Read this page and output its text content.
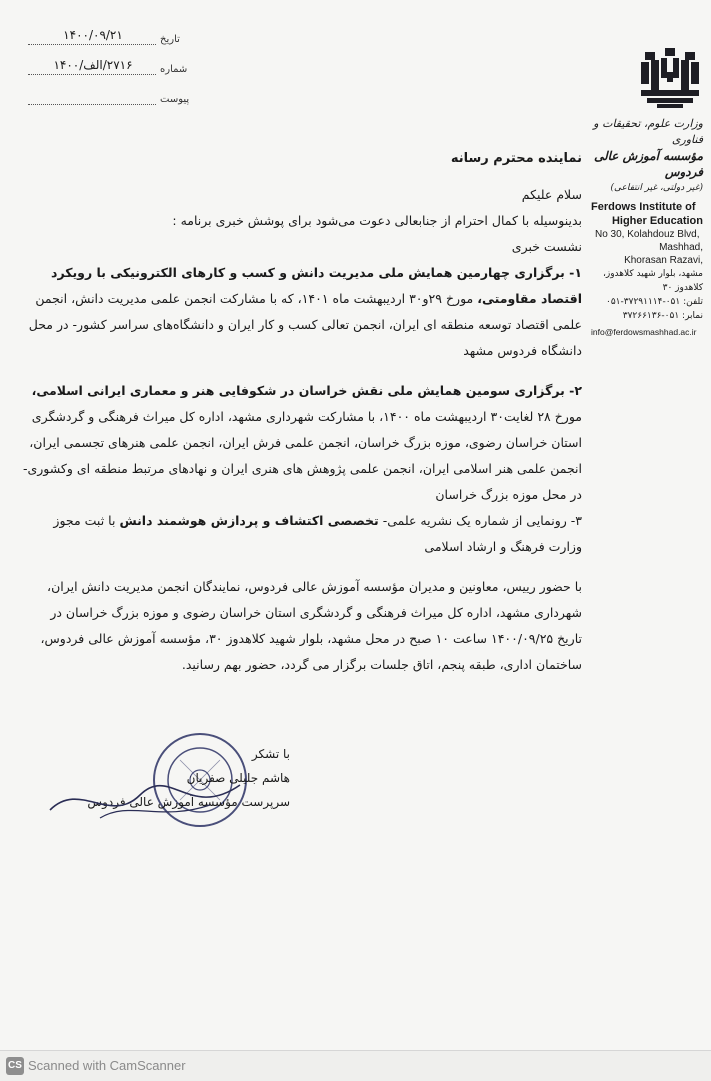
۱۴۰۰/۰۹/۲۱	تاریخ
۲۷۱۶/الف/۱۴۰۰	شماره
پیوست
وزارت علوم، تحقیقات و فناوری
مؤسسه آموزش عالی فردوس
(غیر دولتی، غیر انتفاعی)
Ferdows Institute of
Higher Education
No 30, Kolahdouz Blvd,
Mashhad,
Khorasan Razavi,
مشهد، بلوار شهید کلاهدوز، کلاهدوز ۳۰
تلفن: ۰۵۱-۳۷۲۹۱۱۱۴-۰۵۱
نمابر: ۰۵۱-۳۷۲۶۶۱۳۶
info@ferdowsmashhad.ac.ir
نماینده محترم رسانه

سلام علیکم

بدینوسیله با کمال احترام از جنابعالی دعوت می‌شود برای پوشش خبری برنامه :

نشست خبری

۱- برگزاری چهارمین همایش ملی مدیریت دانش و کسب و کارهای الکترونیکی با رویکرد اقتصاد مقاومتی، مورخ ۲۹و۳۰ اردیبهشت ماه ۱۴۰۱، که با مشارکت انجمن علمی مدیریت دانش، انجمن علمی اقتصاد توسعه منطقه ای ایران، انجمن تعالی کسب و کار ایران و دانشگاه‌های سراسر کشور- در محل دانشگاه فردوس مشهد

۲- برگزاری سومین همایش ملی نقش خراسان در شکوفایی هنر و معماری ایرانی اسلامی، مورخ ۲۸ لغایت۳۰ اردیبهشت ماه ۱۴۰۰، با مشارکت شهرداری مشهد، اداره کل میراث فرهنگی و گردشگری استان خراسان رضوی، موزه بزرگ خراسان، انجمن علمی فرش ایران، انجمن علمی هنرهای تجسمی ایران، انجمن علمی هنر اسلامی ایران، انجمن علمی پژوهش های هنری ایران و نهادهای مرتبط منطقه ای وکشوری- در محل موزه بزرگ خراسان

۳- رونمایی از شماره یک نشریه علمی- تخصصی اکتشاف و پردازش هوشمند دانش با ثبت مجوز وزارت فرهنگ و ارشاد اسلامی

با حضور رییس، معاونین و مدیران مؤسسه آموزش عالی فردوس، نمایندگان انجمن مدیریت دانش ایران، شهرداری مشهد، اداره کل میراث فرهنگی و گردشگری استان خراسان رضوی و موزه بزرگ خراسان در تاریخ ۱۴۰۰/۰۹/۲۵ ساعت ۱۰ صبح در محل مشهد، بلوار شهید کلاهدوز ۳۰، مؤسسه آموزش عالی فردوس، ساختمان اداری، طبقه پنجم، اتاق جلسات برگزار می گردد، حضور بهم رسانید.

با تشکر
هاشم جلیلی صفریان
سرپرست مؤسسه آموزش عالی فردوس
CS Scanned with CamScanner
